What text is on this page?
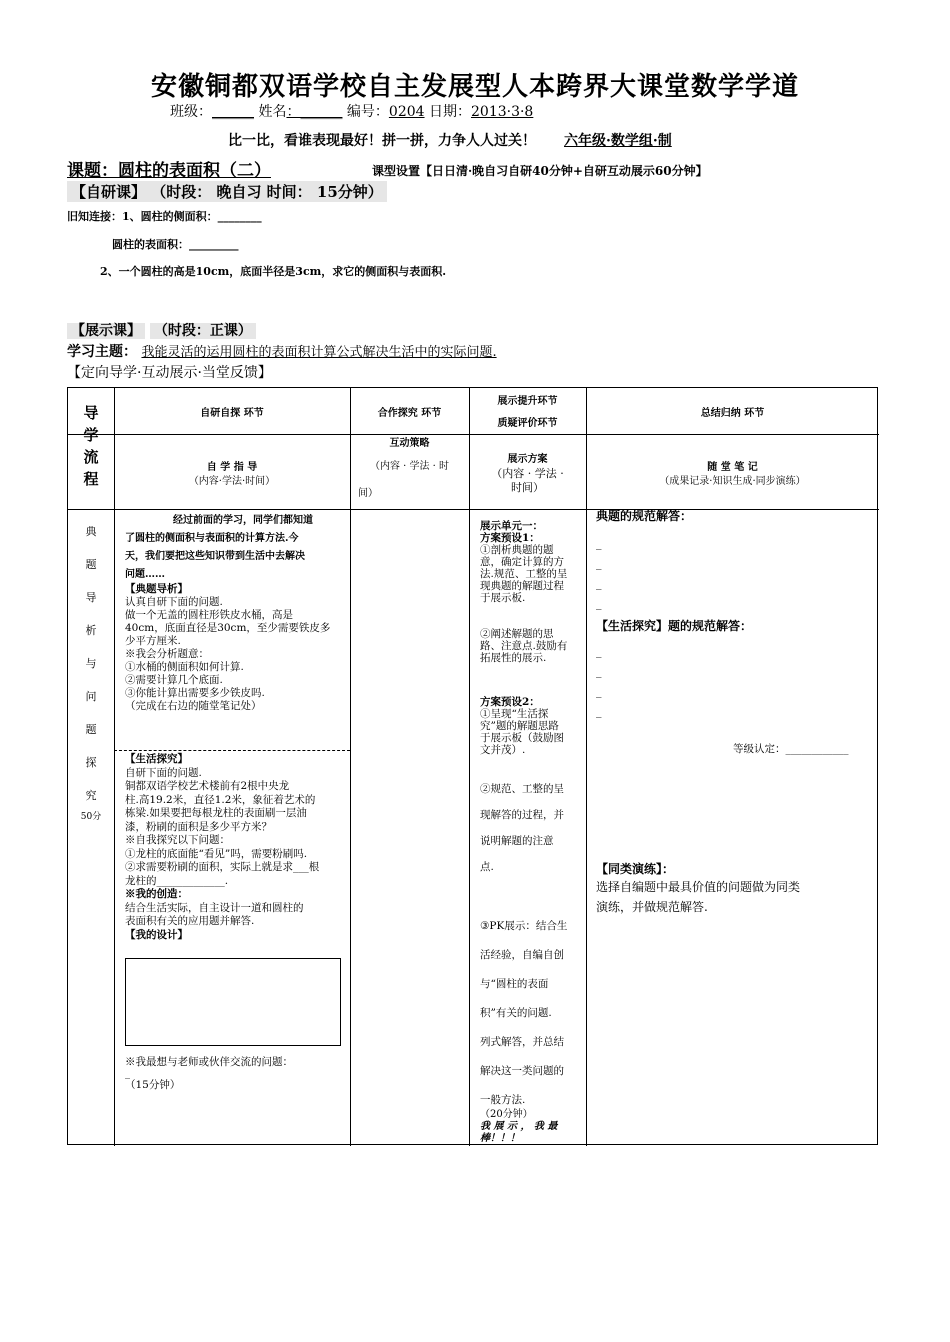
安徽铜都双语学校自主发展型人本跨界大课堂数学学道
班级：______ 姓名：______ 编号：0204 日期：2013·3·8
比一比，看谁表现最好！拼一拼，力争人人过关！ 六年级·数学组·制
课题：圆柱的表面积（二）	课型设置【日日清·晚自习自研40分钟+自研互动展示60分钟】
【自研课】 （时段： 晚自习 时间： 15分钟）
旧知连接：1、圆柱的侧面积：________
圆柱的表面积：_________
2、一个圆柱的高是10cm，底面半径是3cm，求它的侧面积与表面积.
【展示课】 （时段：正课）
学习主题： 我能灵活的运用圆柱的表面积计算公式解决生活中的实际问题.
【定向导学·互动展示·当堂反馈】
导
学
流
程
自研自探 环节	合作探究 环节
展示提升环节
质疑评价环节
总结归纳 环节
自 学 指 导
（内容·学法·时间）
互动策略
（内容 · 学法 · 时
间）
展示方案
（内容 · 学法 ·
时间）
随 堂 笔 记
（成果记录·知识生成·同步演练）
典
题
导
析
与
问
题
探
究
50分
经过前面的学习，同学们都知道
了圆柱的侧面积与表面积的计算方法.今
天，我们要把这些知识带到生活中去解决
问题……
【典题导析】
认真自研下面的问题.
做一个无盖的圆柱形铁皮水桶，高是
40cm，底面直径是30cm，至少需要铁皮多
少平方厘米.
※我会分析题意：
①水桶的侧面积如何计算.
②需要计算几个底面.
③你能计算出需要多少铁皮吗.
（完成在右边的随堂笔记处）
【生活探究】
自研下面的问题.
铜都双语学校艺术楼前有2根中央龙
柱.高19.2米，直径1.2米，象征着艺术的
栋梁.如果要把每根龙柱的表面刷一层油
漆，粉刷的面积是多少平方米？
※自我探究以下问题：
①龙柱的底面能“看见”吗，需要粉刷吗.
②求需要粉刷的面积，实际上就是求___根
龙柱的_____________.
※我的创造：
结合生活实际，自主设计一道和圆柱的
表面积有关的应用题并解答.
【我的设计】
※我最想与老师或伙伴交流的问题：
_
（15分钟）
展示单元一：
方案预设1：
①剖析典题的题
意，确定计算的方
法.规范、工整的呈
现典题的解题过程
于展示板.
②阐述解题的思
路、注意点.鼓励有
拓展性的展示.
方案预设2：
①呈现“生活探
究”题的解题思路
于展示板（鼓励图
文并茂）.
②规范、工整的呈
现解答的过程，并
说明解题的注意
点.
③PK展示：结合生
活经验，自编自创
与“圆柱的表面
积”有关的问题.
列式解答，并总结
解决这一类问题的
一般方法.
（20分钟）
我 展 示 ， 我 最
棒！！！
典题的规范解答：
_
_
_
_
【生活探究】题的规范解答：
_
_
_
_
等级认定：____________
【同类演练】：
选择自编题中最具价值的问题做为同类
演练，并做规范解答.
